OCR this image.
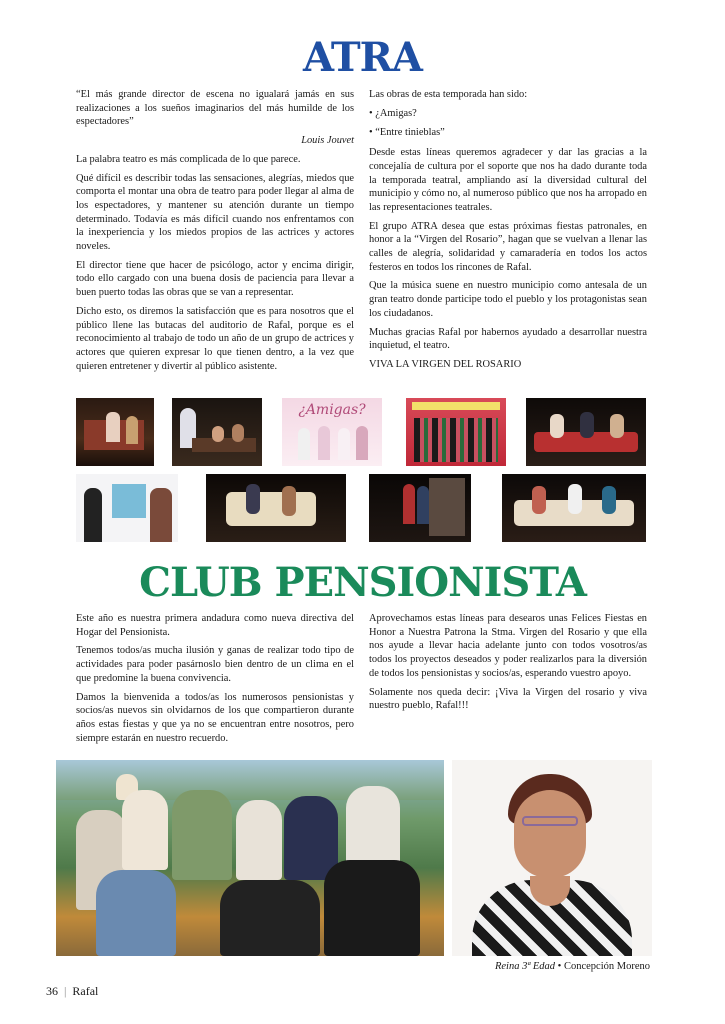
ATRA

“El más grande director de escena no igualará jamás en sus realizaciones a los sueños imaginarios del más humilde de los espectadores”

Louis Jouvet

La palabra teatro es más complicada de lo que parece.

Qué difícil es describir todas las sensaciones, alegrías, miedos que comporta el montar una obra de teatro para poder llegar al alma de los espectadores, y mantener su atención durante un tiempo determinado. Todavía es más difícil cuando nos enfrentamos con la inexperiencia y los miedos propios de las actrices y actores noveles.

El director tiene que hacer de psicólogo, actor y encima dirigir, todo ello cargado con una buena dosis de paciencia para llevar a buen puerto todas las obras que se van a representar.

Dicho esto, os diremos la satisfacción que es para nosotros que el público llene las butacas del auditorio de Rafal, porque es el reconocimiento al trabajo de todo un año de un grupo de actrices y actores que quieren expresar lo que tienen dentro, a la vez que quieren entretener y divertir al público asistente.

Las obras de esta temporada han sido:

• ¿Amigas?
• “Entre tinieblas”

Desde estas líneas queremos agradecer y dar las gracias a la concejalía de cultura por el soporte que nos ha dado durante toda la temporada teatral, ampliando así la diversidad cultural del municipio y cómo no, al numeroso público que nos ha arropado en las representaciones teatrales.

El grupo ATRA desea que estas próximas fiestas patronales, en honor a la “Virgen del Rosario”, hagan que se vuelvan a llenar las calles de alegría, solidaridad y camaradería en todos los actos festeros en todos los rincones de Rafal.

Que la música suene en nuestro municipio como antesala de un gran teatro donde participe todo el pueblo y los protagonistas sean los ciudadanos.

Muchas gracias Rafal por habernos ayudado a desarrollar nuestra inquietud, el teatro.

VIVA LA VIRGEN DEL ROSARIO

¿Amigas?
CLUB PENSIONISTA

Este año es nuestra primera andadura como nueva directiva del Hogar del Pensionista.

Tenemos todos/as mucha ilusión y ganas de realizar todo tipo de actividades para poder pasárnoslo bien dentro de un clima en el que predomine la buena convivencia.

Damos la bienvenida a todos/as los numerosos pensionistas y socios/as nuevos sin olvidarnos de los que compartieron durante años estas fiestas y que ya no se encuentran entre nosotros, pero siempre estarán en nuestro recuerdo.

Aprovechamos estas líneas para desearos unas Felices Fiestas en Honor a Nuestra Patrona la Stma. Virgen del Rosario y que ella nos ayude a llevar hacia adelante junto con todos vosotros/as todos los proyectos deseados y poder realizarlos para la diversión de todos los pensionistas y socios/as, esperando vuestro apoyo.

Solamente nos queda decir: ¡Viva la Virgen del rosario y viva nuestro pueblo, Rafal!!!

Reina 3ª Edad • Concepción Moreno
36 | Rafal
